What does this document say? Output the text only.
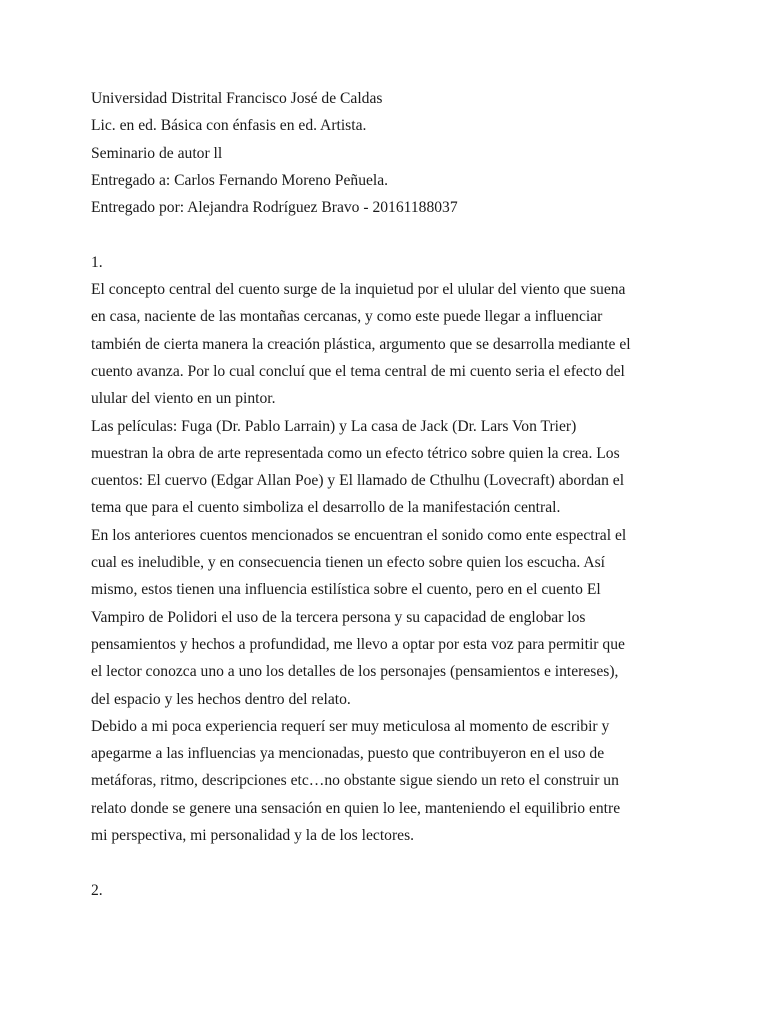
Universidad Distrital Francisco José de Caldas
Lic. en ed. Básica con énfasis en ed. Artista.
Seminario de autor ll
Entregado a: Carlos Fernando Moreno Peñuela.
Entregado por: Alejandra Rodríguez Bravo - 20161188037
1.
El concepto central del cuento surge de la inquietud por el ulular del viento que suena
en casa, naciente de las montañas cercanas, y como este puede llegar a influenciar
también de cierta manera la creación plástica, argumento que se desarrolla mediante el
cuento avanza. Por lo cual concluí que el tema central de mi cuento seria el efecto del
ulular del viento en un pintor.
Las películas: Fuga (Dr. Pablo Larrain) y La casa de Jack (Dr. Lars Von Trier)
muestran la obra de arte representada como un efecto tétrico sobre quien la crea. Los
cuentos: El cuervo (Edgar Allan Poe) y El llamado de Cthulhu (Lovecraft) abordan el
tema que para el cuento simboliza el desarrollo de la manifestación central.
En los anteriores cuentos mencionados se encuentran el sonido como ente espectral el
cual es ineludible, y en consecuencia tienen un efecto sobre quien los escucha. Así
mismo, estos tienen una influencia estilística sobre el cuento, pero en el cuento El
Vampiro de Polidori el uso de la tercera persona y su capacidad de englobar los
pensamientos y hechos a profundidad, me llevo a optar por esta voz para permitir que
el lector conozca uno a uno los detalles de los personajes (pensamientos e intereses),
del espacio y les hechos dentro del relato.
Debido a mi poca experiencia requerí ser muy meticulosa al momento de escribir y
apegarme a las influencias ya mencionadas, puesto que contribuyeron en el uso de
metáforas, ritmo, descripciones etc…no obstante sigue siendo un reto el construir un
relato donde se genere una sensación en quien lo lee, manteniendo el equilibrio entre
mi perspectiva, mi personalidad y la de los lectores.
2.
